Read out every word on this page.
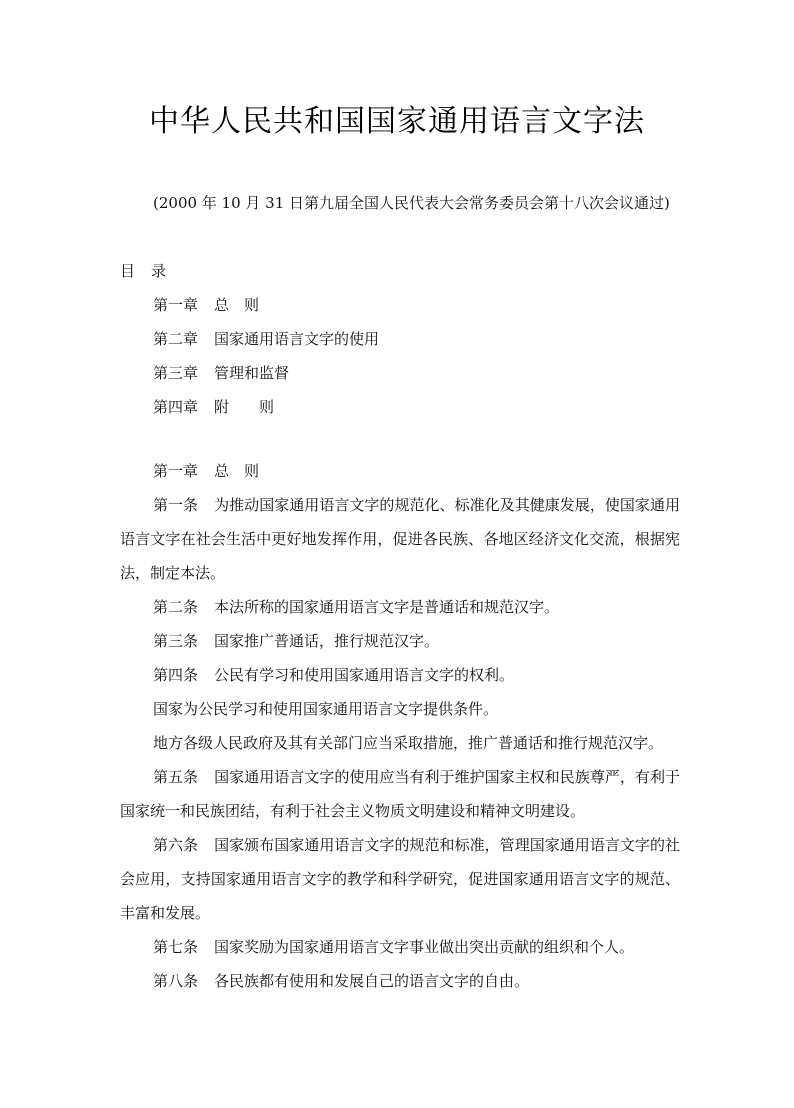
中华人民共和国国家通用语言文字法

(2000 年 10 月 31 日第九届全国人民代表大会常务委员会第十八次会议通过)

目 录

第一章 总　则

第二章 国家通用语言文字的使用

第三章 管理和监督

第四章 附　　则

第一章 总　则

第一条 为推动国家通用语言文字的规范化、标准化及其健康发展，使国家通用语言文字在社会生活中更好地发挥作用，促进各民族、各地区经济文化交流，根据宪法，制定本法。

第二条 本法所称的国家通用语言文字是普通话和规范汉字。

第三条 国家推广普通话，推行规范汉字。

第四条 公民有学习和使用国家通用语言文字的权利。

国家为公民学习和使用国家通用语言文字提供条件。

地方各级人民政府及其有关部门应当采取措施，推广普通话和推行规范汉字。

第五条 国家通用语言文字的使用应当有利于维护国家主权和民族尊严，有利于国家统一和民族团结，有利于社会主义物质文明建设和精神文明建设。

第六条 国家颁布国家通用语言文字的规范和标准，管理国家通用语言文字的社会应用，支持国家通用语言文字的教学和科学研究，促进国家通用语言文字的规范、丰富和发展。

第七条 国家奖励为国家通用语言文字事业做出突出贡献的组织和个人。

第八条 各民族都有使用和发展自己的语言文字的自由。
